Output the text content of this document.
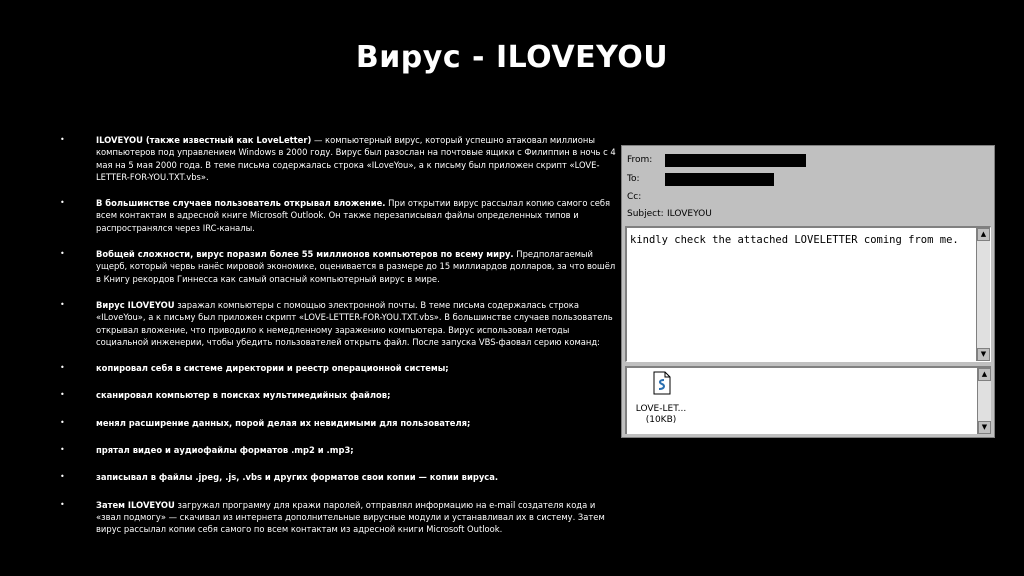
Вирус - ILOVEYOU
•	ILOVEYOU (также известный как LoveLetter) — компьютерный вирус, который успешно атаковал миллионы компьютеров под управлением Windows в 2000 году. Вирус был разослан на почтовые ящики с Филиппин в ночь с 4 мая на 5 мая 2000 года. В теме письма содержалась строка «ILoveYou», а к письму был приложен скрипт «LOVE-LETTER-FOR-YOU.TXT.vbs».
•	В большинстве случаев пользователь открывал вложение. При открытии вирус рассылал копию самого себя всем контактам в адресной книге Microsoft Outlook. Он также перезаписывал файлы определенных типов и распространялся через IRC-каналы.
•	Вобщей сложности, вирус поразил более 55 миллионов компьютеров по всему миру. Предполагаемый ущерб, который червь нанёс мировой экономике, оценивается в размере до 15 миллиардов долларов, за что вошёл в Книгу рекордов Гиннесса как самый опасный компьютерный вирус в мире.
•	Вирус ILOVEYOU заражал компьютеры с помощью электронной почты. В теме письма содержалась строка «ILoveYou», а к письму был приложен скрипт «LOVE-LETTER-FOR-YOU.TXT.vbs». В большинстве случаев пользователь открывал вложение, что приводило к немедленному заражению компьютера. Вирус использовал методы социальной инженерии, чтобы убедить пользователей открыть файл. После запуска VBS-фаовал серию команд:
•	копировал себя в системе директории и реестр операционной системы;
•	сканировал компьютер в поисках мультимедийных файлов;
•	менял расширение данных, порой делая их невидимыми для пользователя;
•	прятал видео и аудиофайлы форматов .mp2 и .mp3;
•	записывал в файлы .jpeg, .js, .vbs и других форматов свои копии — копии вируса.
•	Затем ILOVEYOU загружал программу для кражи паролей, отправлял информацию на e-mail создателя кода и «звал подмогу» — скачивал из интернета дополнительные вирусные модули и устанавливал их в систему. Затем вирус рассылал копии себя самого по всем контактам из адресной книги Microsoft Outlook.
From:
To:
Cc:
Subject: ILOVEYOU
kindly check the attached LOVELETTER coming from me.	▲
▼
LOVE-LET...
(10KB)
▲
▼
